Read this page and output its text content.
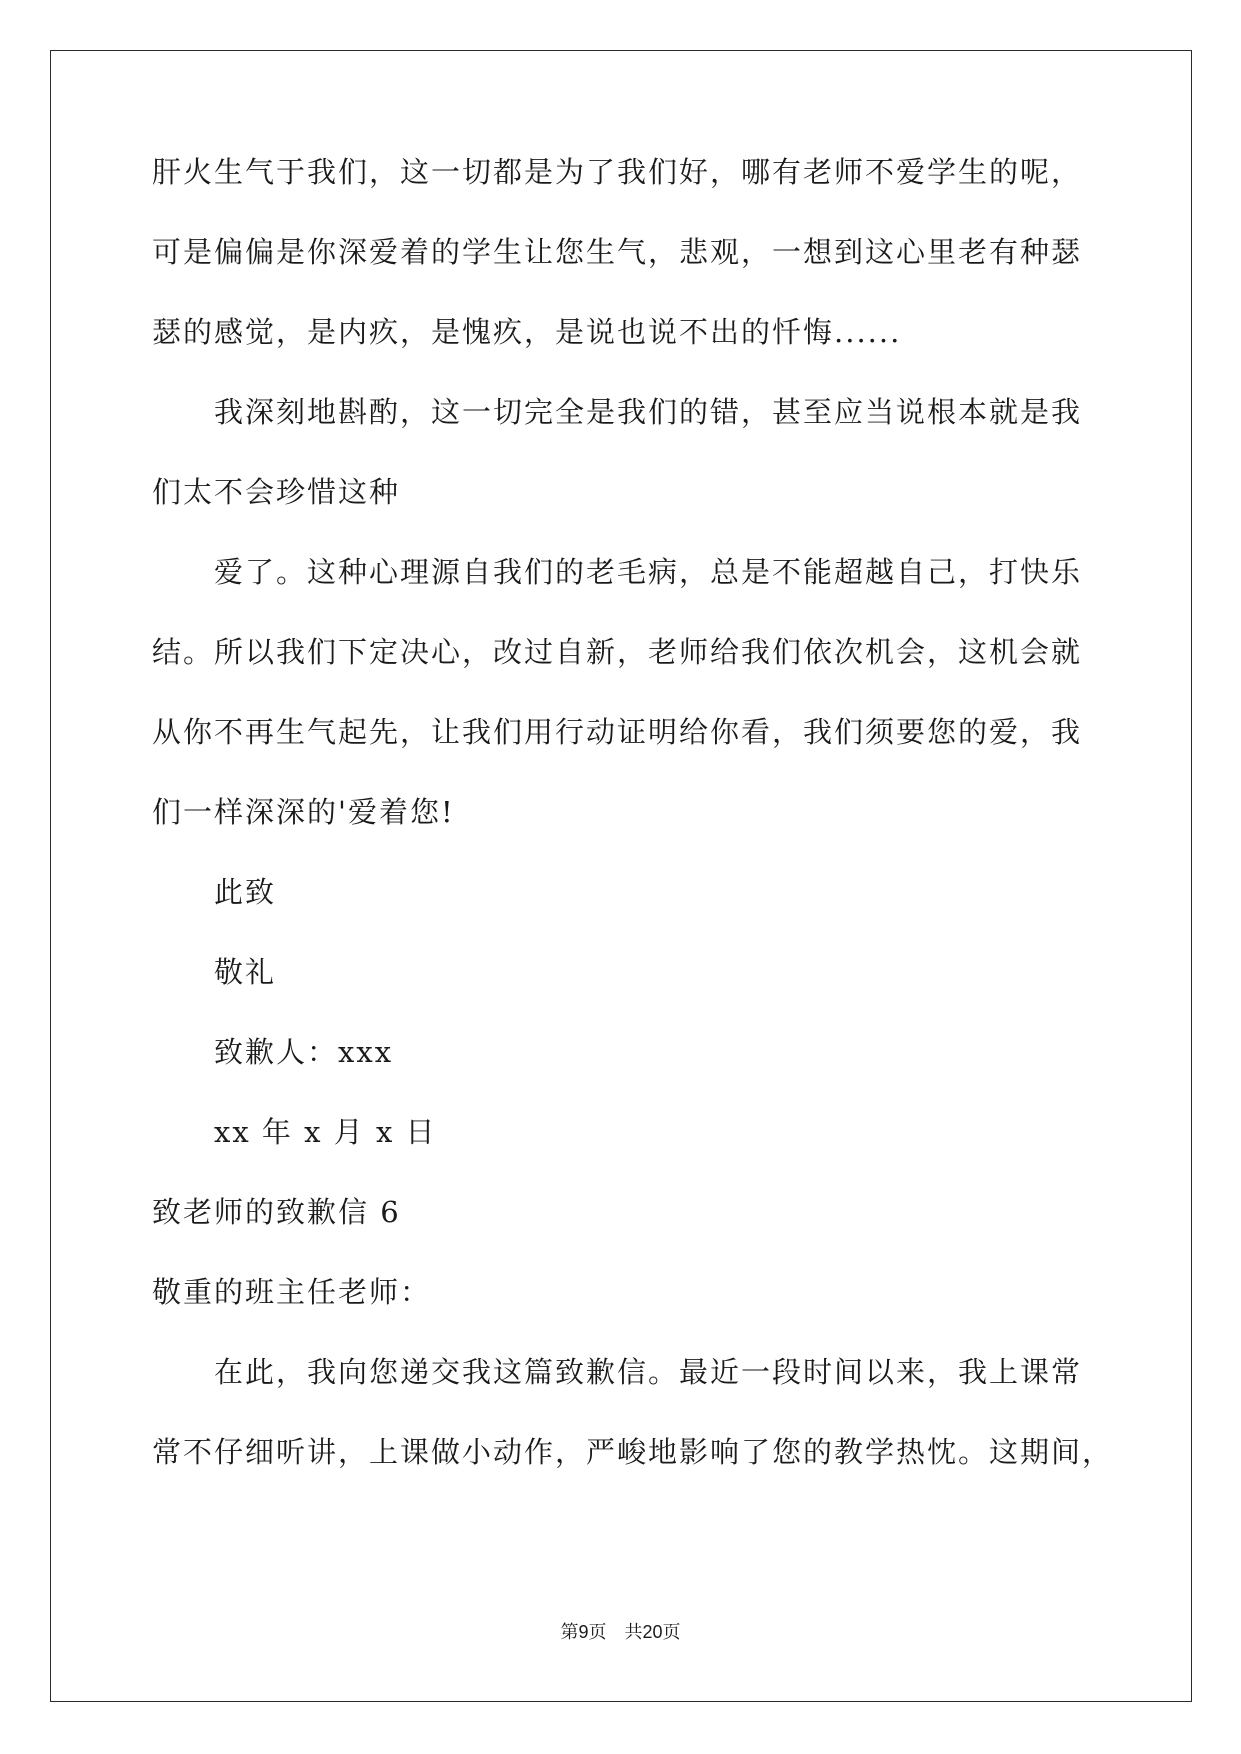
肝火生气于我们，这一切都是为了我们好，哪有老师不爱学生的呢，
可是偏偏是你深爱着的学生让您生气，悲观，一想到这心里老有种瑟
瑟的感觉，是内疚，是愧疚，是说也说不出的忏悔......
我深刻地斟酌，这一切完全是我们的错，甚至应当说根本就是我
们太不会珍惜这种
爱了。这种心理源自我们的老毛病，总是不能超越自己，打快乐
结。所以我们下定决心，改过自新，老师给我们依次机会，这机会就
从你不再生气起先，让我们用行动证明给你看，我们须要您的爱，我
们一样深深的'爱着您!
此致
敬礼
致歉人：xxx
xx 年 x 月 x 日
致老师的致歉信 6
敬重的班主任老师：
在此，我向您递交我这篇致歉信。最近一段时间以来，我上课常
常不仔细听讲，上课做小动作，严峻地影响了您的教学热忱。这期间，
第9页 共20页
